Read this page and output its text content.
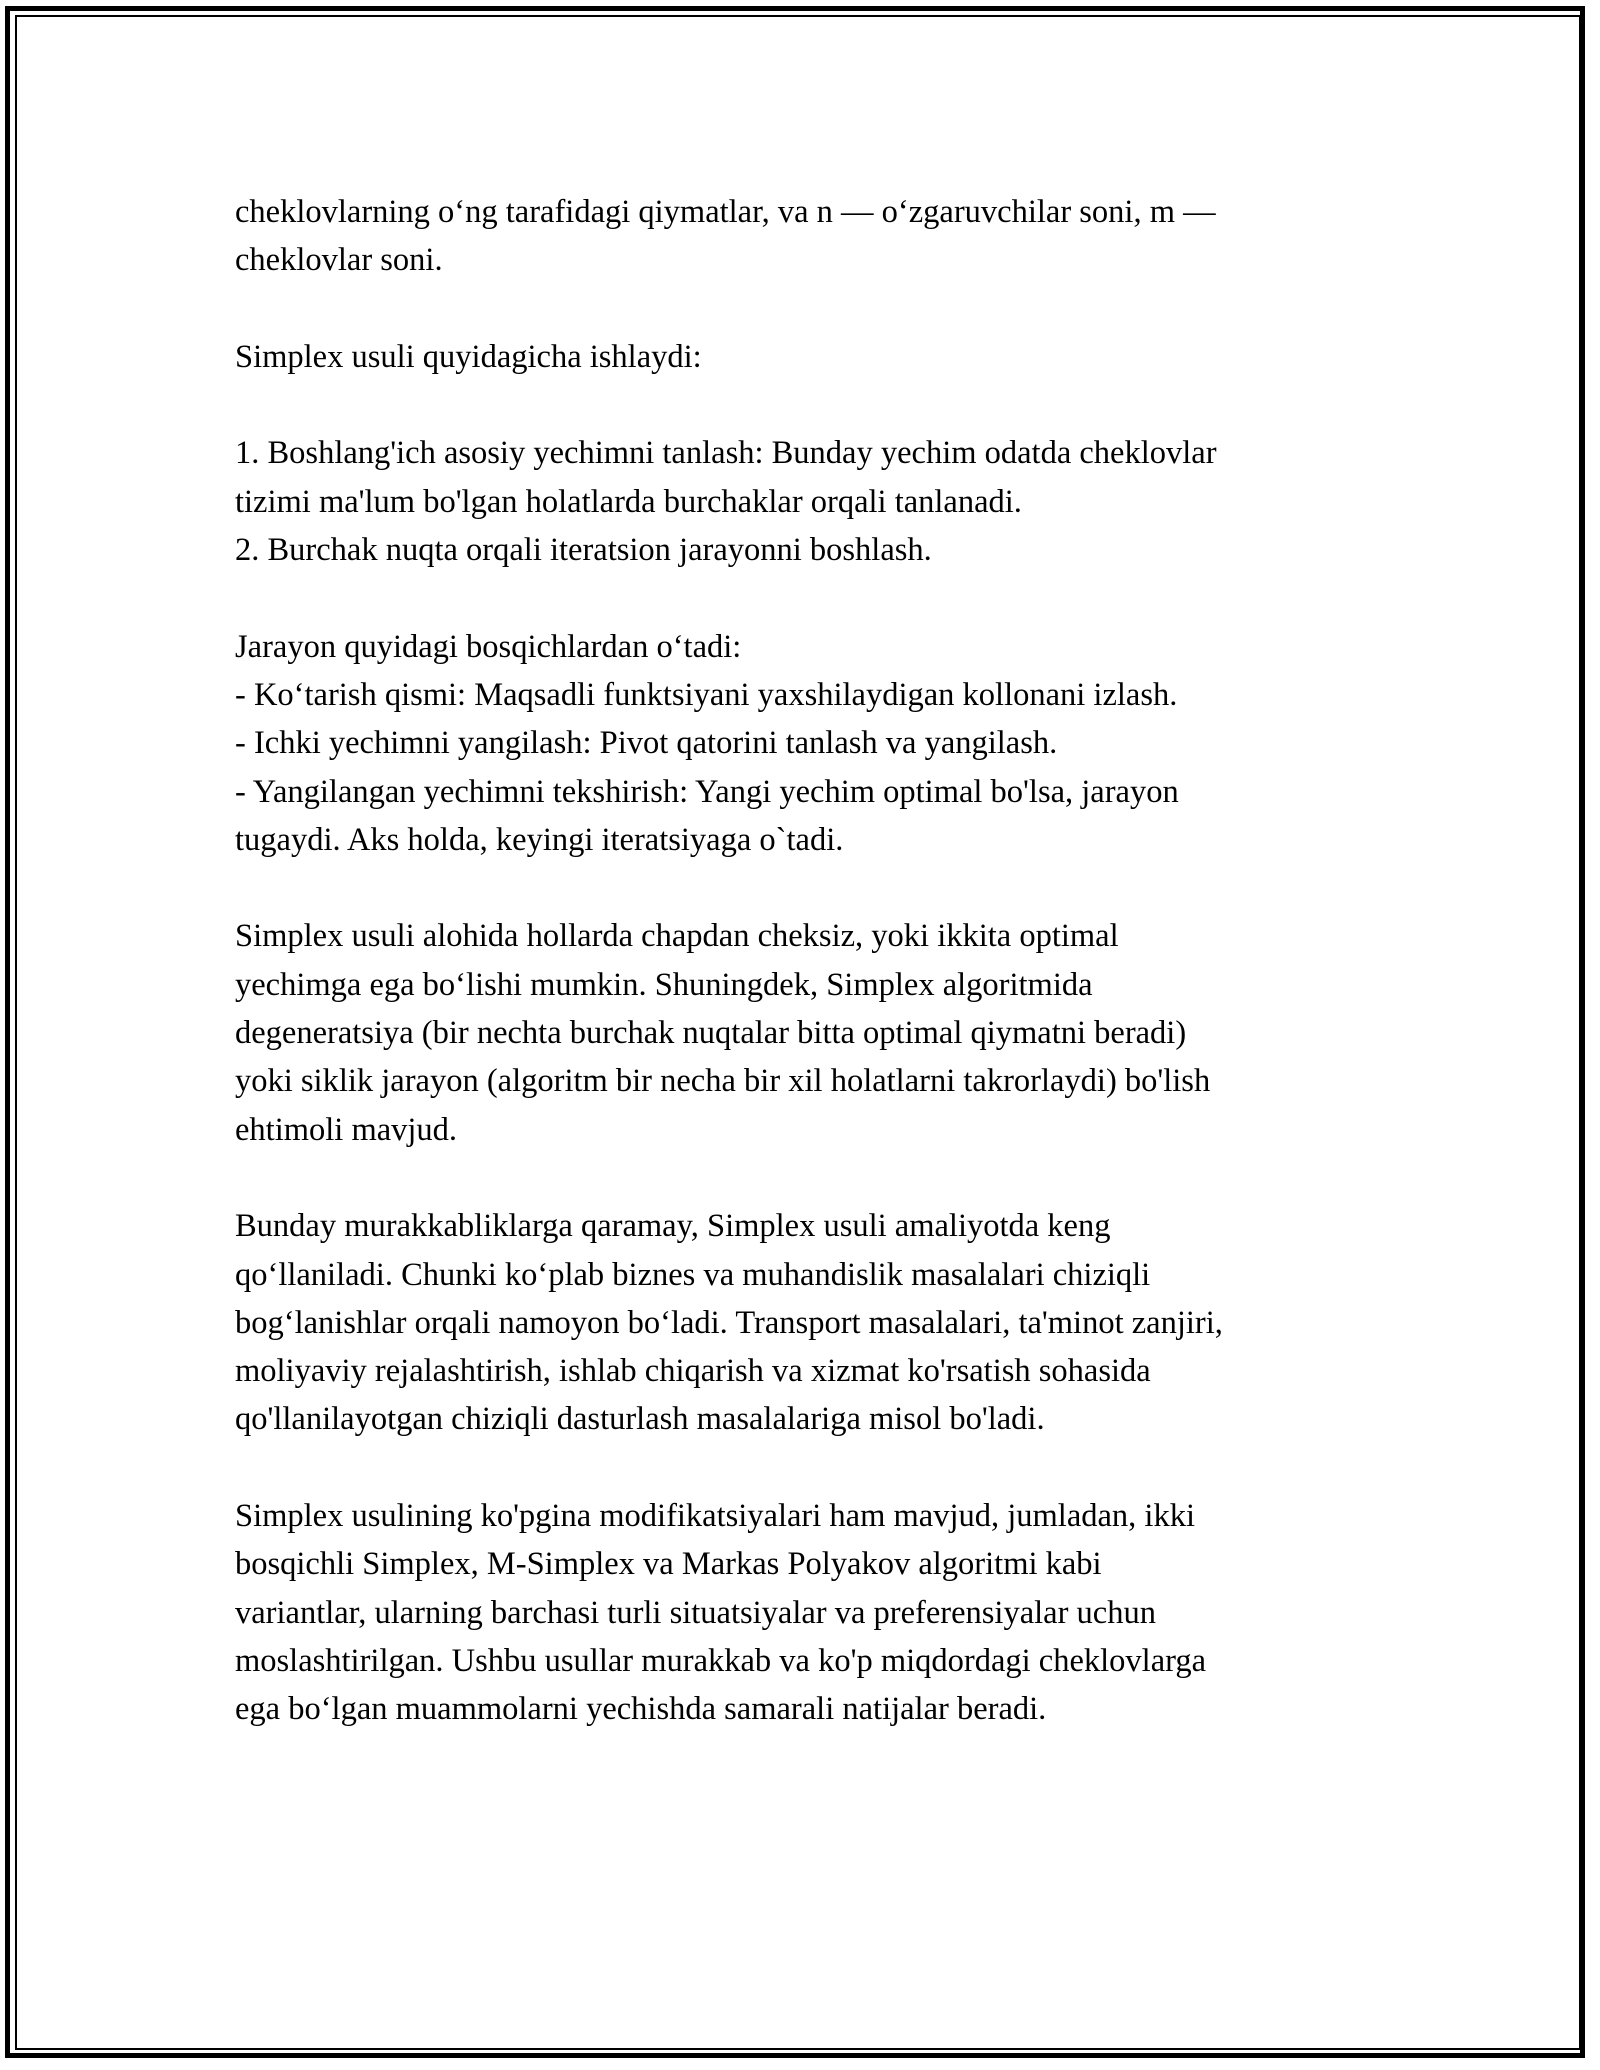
cheklovlarning o‘ng tarafidagi qiymatlar, va n — o‘zgaruvchilar soni, m —
cheklovlar soni.

Simplex usuli quyidagicha ishlaydi:

1. Boshlang'ich asosiy yechimni tanlash: Bunday yechim odatda cheklovlar
tizimi ma'lum bo'lgan holatlarda burchaklar orqali tanlanadi.
2. Burchak nuqta orqali iteratsion jarayonni boshlash.

Jarayon quyidagi bosqichlardan o‘tadi:
- Ko‘tarish qismi: Maqsadli funktsiyani yaxshilaydigan kollonani izlash.
- Ichki yechimni yangilash: Pivot qatorini tanlash va yangilash.
- Yangilangan yechimni tekshirish: Yangi yechim optimal bo'lsa, jarayon
tugaydi. Aks holda, keyingi iteratsiyaga o`tadi.

Simplex usuli alohida hollarda chapdan cheksiz, yoki ikkita optimal
yechimga ega bo‘lishi mumkin. Shuningdek, Simplex algoritmida
degeneratsiya (bir nechta burchak nuqtalar bitta optimal qiymatni beradi)
yoki siklik jarayon (algoritm bir necha bir xil holatlarni takrorlaydi) bo'lish
ehtimoli mavjud.

Bunday murakkabliklarga qaramay, Simplex usuli amaliyotda keng
qo‘llaniladi. Chunki ko‘plab biznes va muhandislik masalalari chiziqli
bog‘lanishlar orqali namoyon bo‘ladi. Transport masalalari, ta'minot zanjiri,
moliyaviy rejalashtirish, ishlab chiqarish va xizmat ko'rsatish sohasida
qo'llanilayotgan chiziqli dasturlash masalalariga misol bo'ladi.

Simplex usulining ko'pgina modifikatsiyalari ham mavjud, jumladan, ikki
bosqichli Simplex, M-Simplex va Markas Polyakov algoritmi kabi
variantlar, ularning barchasi turli situatsiyalar va preferensiyalar uchun
moslashtirilgan. Ushbu usullar murakkab va ko'p miqdordagi cheklovlarga
ega bo‘lgan muammolarni yechishda samarali natijalar beradi.
